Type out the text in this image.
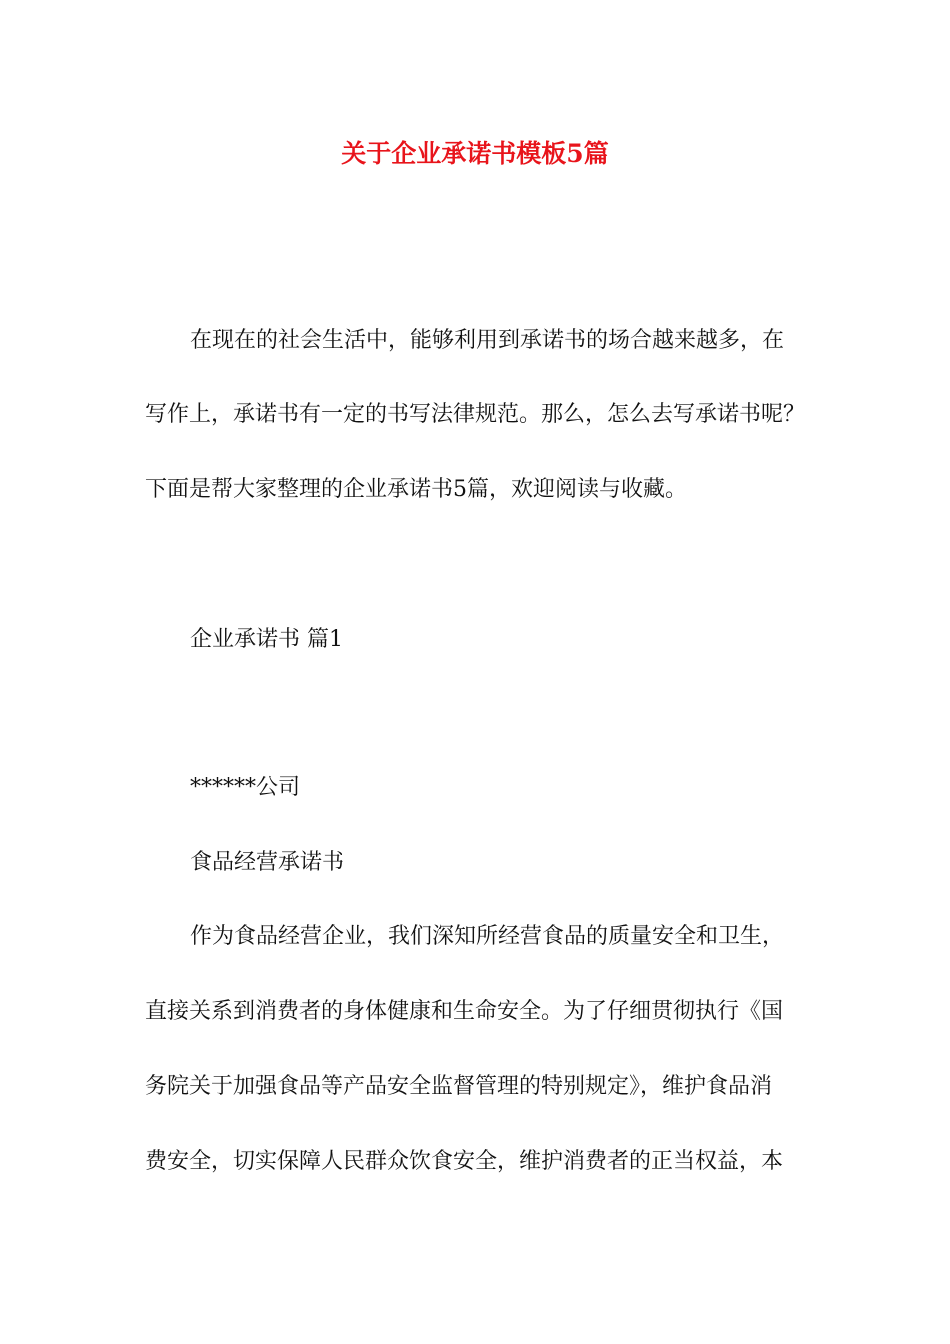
关于企业承诺书模板5篇
在现在的社会生活中，能够利用到承诺书的场合越来越多，在
写作上，承诺书有一定的书写法律规范。那么，怎么去写承诺书呢？
下面是帮大家整理的企业承诺书5篇，欢迎阅读与收藏。
企业承诺书 篇1
******公司
食品经营承诺书
作为食品经营企业，我们深知所经营食品的质量安全和卫生，
直接关系到消费者的身体健康和生命安全。为了仔细贯彻执行《国
务院关于加强食品等产品安全监督管理的特别规定》，维护食品消
费安全，切实保障人民群众饮食安全，维护消费者的正当权益，本
